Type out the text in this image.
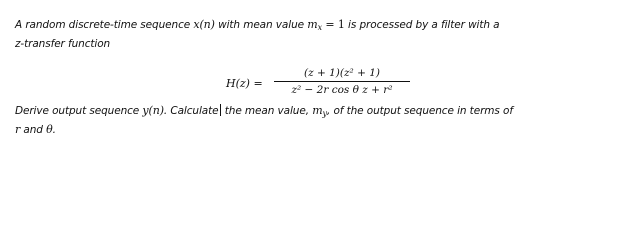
A random discrete-time sequence x(n) with mean value $m_x = 1$ is processed by a filter with a
z-transfer function
H(z) =
(z + 1)(z² + 1)
z² − 2r cos θ z + r²
Derive output sequence y(n). Calculate the mean value, $m_y$, of the output sequence in terms of
r and θ.
